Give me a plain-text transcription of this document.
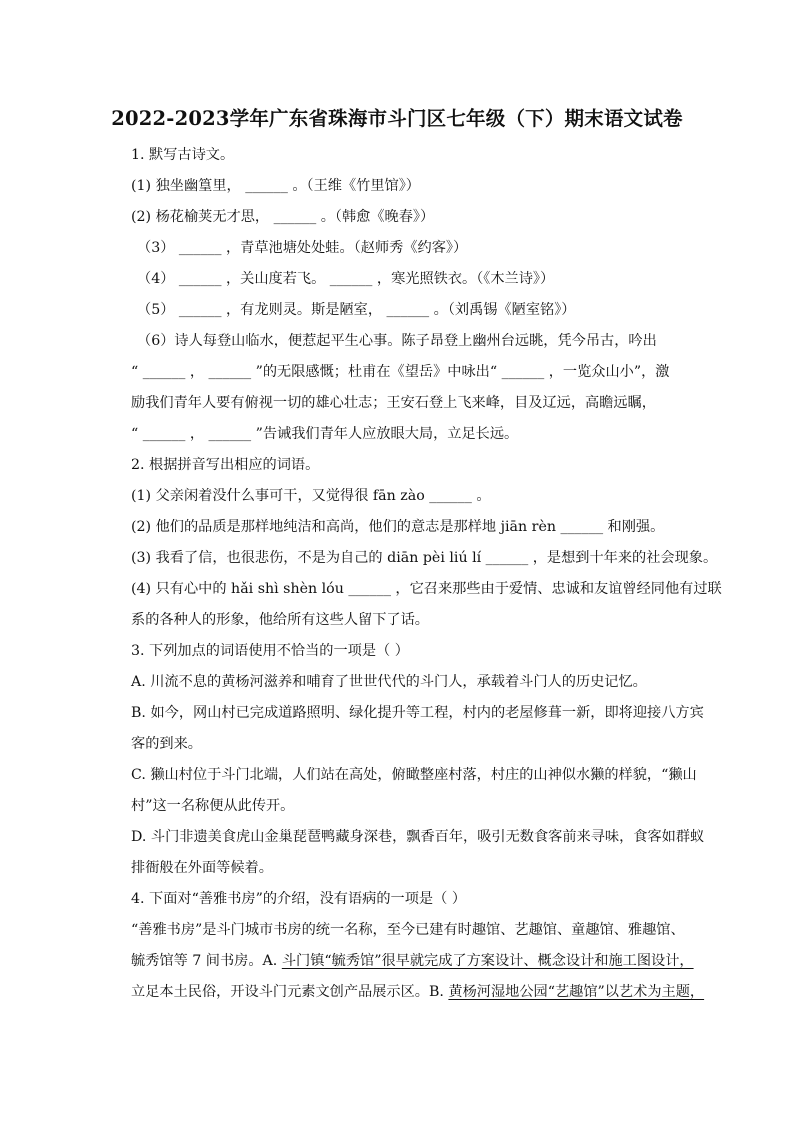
2022-2023学年广东省珠海市斗门区七年级（下）期末语文试卷
1. 默写古诗文。
(1) 独坐幽篁里， ______ 。（王维《竹里馆》）
(2) 杨花榆荚无才思， ______ 。（韩愈《晚春》）
（3） ______ ，青草池塘处处蛙。（赵师秀《约客》）
（4） ______ ，关山度若飞。 ______ ，寒光照铁衣。（《木兰诗》）
（5） ______ ，有龙则灵。斯是陋室， ______ 。（刘禹锡《陋室铭》）
（6）诗人每登山临水，便惹起平生心事。陈子昂登上幽州台远眺，凭今吊古，吟出
“ ______ ， ______ ”的无限感慨；杜甫在《望岳》中咏出“ ______ ，一览众山小”，激
励我们青年人要有俯视一切的雄心壮志；王安石登上飞来峰，目及辽远，高瞻远瞩，
“ ______ ， ______ ”告诫我们青年人应放眼大局，立足长远。
2. 根据拼音写出相应的词语。
(1) 父亲闲着没什么事可干，又觉得很 fān zào ______ 。
(2) 他们的品质是那样地纯洁和高尚，他们的意志是那样地 jiān rèn ______ 和刚强。
(3) 我看了信，也很悲伤，不是为自己的 diān pèi liú lí ______ ，是想到十年来的社会现象。
(4) 只有心中的 hǎi shì shèn lóu ______ ，它召来那些由于爱情、忠诚和友谊曾经同他有过联
系的各种人的形象，他给所有这些人留下了话。
3. 下列加点的词语使用不恰当的一项是（ ）
A. 川流不息的黄杨河滋养和哺育了世世代代的斗门人，承载着斗门人的历史记忆。
B. 如今，网山村已完成道路照明、绿化提升等工程，村内的老屋修葺一新，即将迎接八方宾
客的到来。
C. 獭山村位于斗门北端，人们站在高处，俯瞰整座村落，村庄的山神似水獭的样貌，“獭山
村”这一名称便从此传开。
D. 斗门非遗美食虎山金巢琵琶鸭藏身深巷，飘香百年，吸引无数食客前来寻味，食客如群蚁
排衙般在外面等候着。
4. 下面对“善雅书房”的介绍，没有语病的一项是（ ）
“善雅书房”是斗门城市书房的统一名称，至今已建有时趣馆、艺趣馆、童趣馆、雅趣馆、
毓秀馆等 7 间书房。A. 斗门镇“毓秀馆”很早就完成了方案设计、概念设计和施工图设计，
立足本土民俗，开设斗门元素文创产品展示区。B. 黄杨河湿地公园“艺趣馆”以艺术为主题，
